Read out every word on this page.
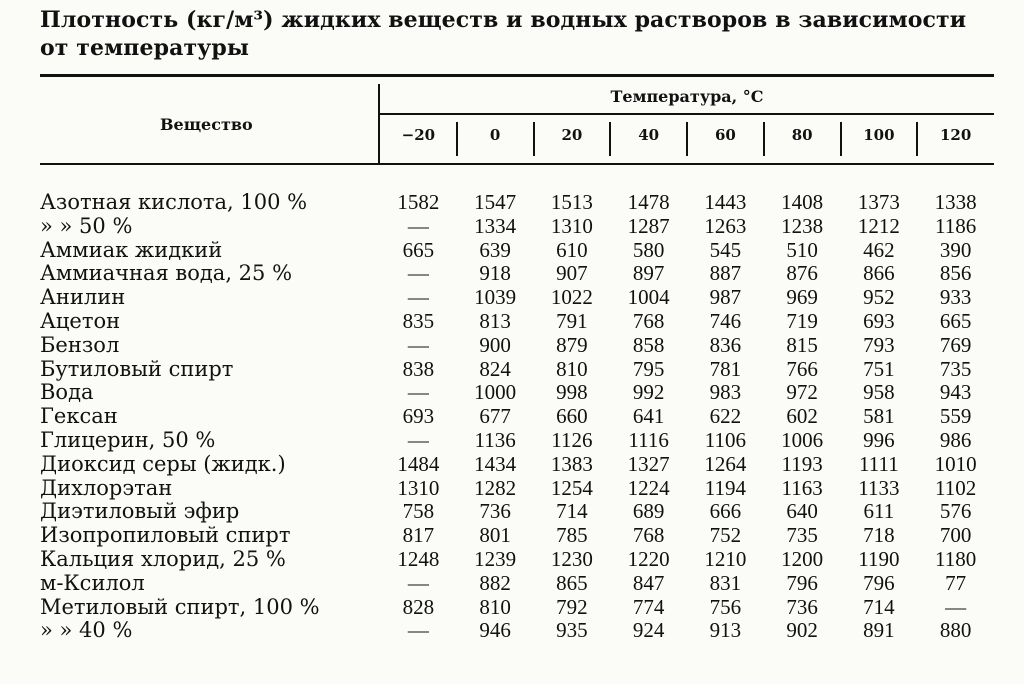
Плотность (кг/м³) жидких веществ и водных растворов в зависимости от температуры
Вещество
Температура, °С
−20	0	20	40	60	80	100	120
Азотная кислота, 100 %	1582	1547	1513	1478	1443	1408	1373	1338
» » 50 %	—	1334	1310	1287	1263	1238	1212	1186
Аммиак жидкий	665	639	610	580	545	510	462	390
Аммиачная вода, 25 %	—	918	907	897	887	876	866	856
Анилин	—	1039	1022	1004	987	969	952	933
Ацетон	835	813	791	768	746	719	693	665
Бензол	—	900	879	858	836	815	793	769
Бутиловый спирт	838	824	810	795	781	766	751	735
Вода	—	1000	998	992	983	972	958	943
Гексан	693	677	660	641	622	602	581	559
Глицерин, 50 %	—	1136	1126	1116	1106	1006	996	986
Диоксид серы (жидк.)	1484	1434	1383	1327	1264	1193	1111	1010
Дихлорэтан	1310	1282	1254	1224	1194	1163	1133	1102
Диэтиловый эфир	758	736	714	689	666	640	611	576
Изопропиловый спирт	817	801	785	768	752	735	718	700
Кальция хлорид, 25 %	1248	1239	1230	1220	1210	1200	1190	1180
м-Ксилол	—	882	865	847	831	796	796	77
Метиловый спирт, 100 %	828	810	792	774	756	736	714	—
» » 40 %	—	946	935	924	913	902	891	880
